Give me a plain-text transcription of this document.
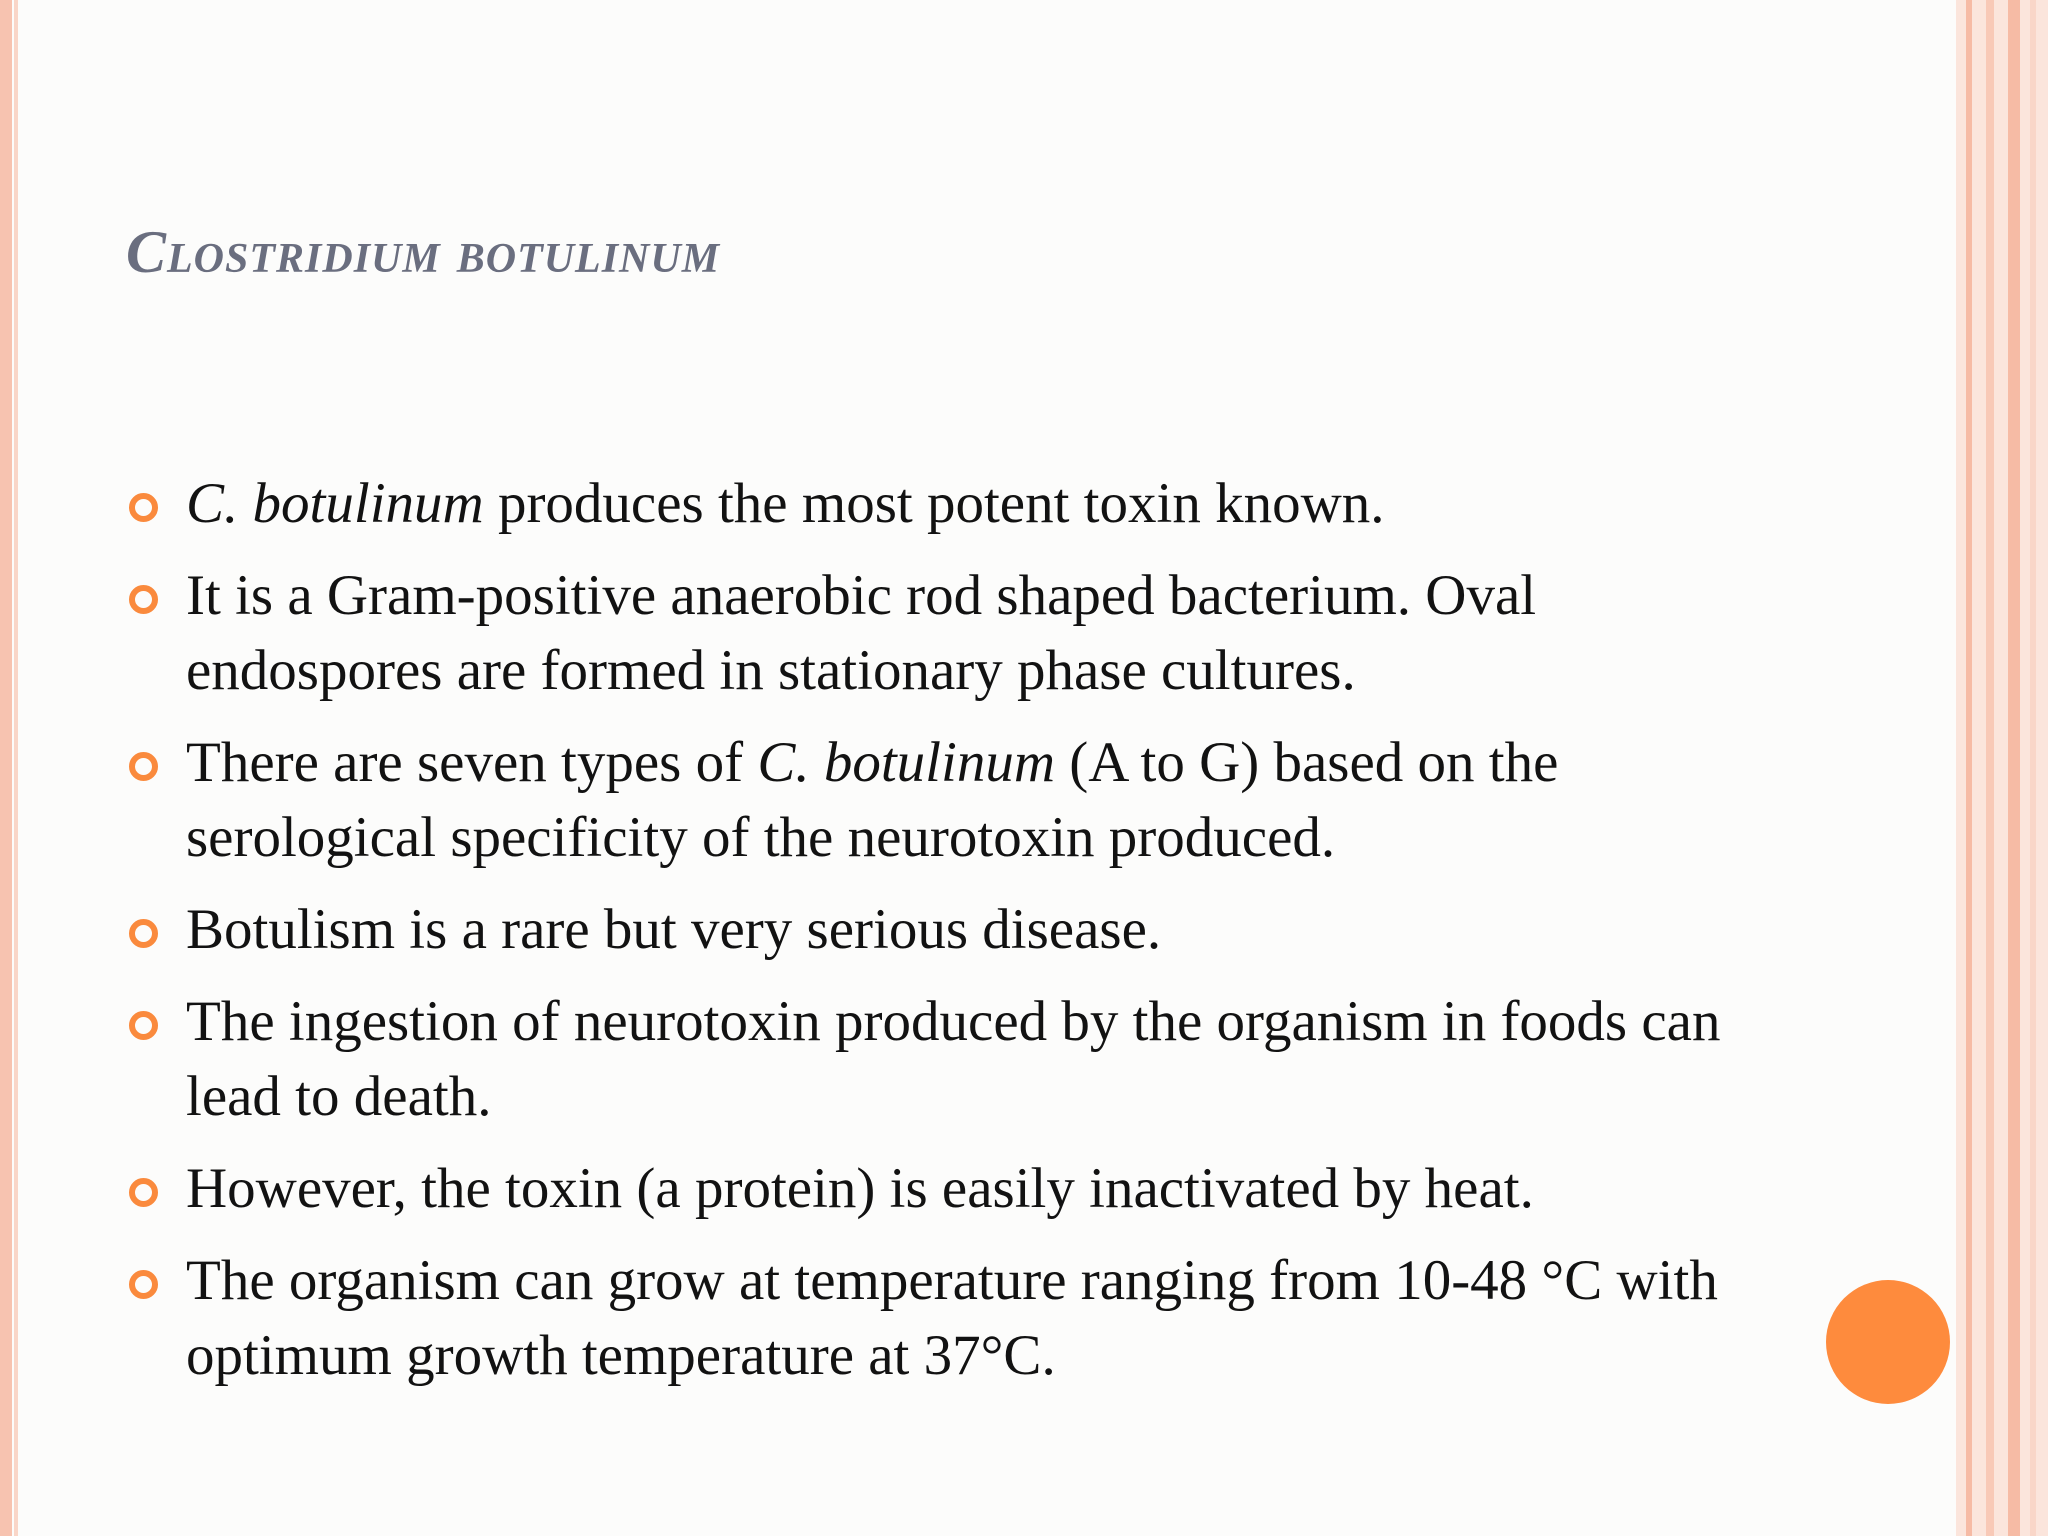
Clostridium botulinum
C. botulinum produces the most potent toxin known.
It is a Gram-positive anaerobic rod shaped bacterium. Oval endospores are formed in stationary phase cultures.
There are seven types of C. botulinum (A to G) based on the serological specificity of the neurotoxin produced.
Botulism is a rare but very serious disease.
The ingestion of neurotoxin produced by the organism in foods can lead to death.
However, the toxin (a protein) is easily inactivated by heat.
The organism can grow at temperature ranging from 10-48 °C with optimum growth temperature at 37°C.
